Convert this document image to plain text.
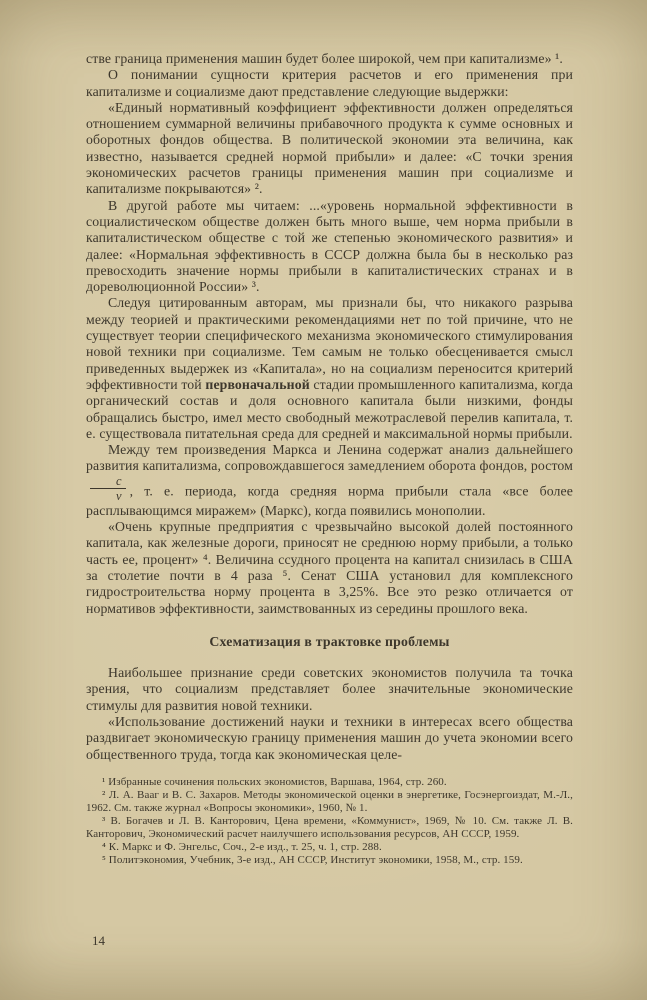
стве граница применения машин будет более широкой, чем при капитализме» ¹.

О понимании сущности критерия расчетов и его применения при капитализме и социализме дают представление следующие выдержки:

«Единый нормативный коэффициент эффективности должен определяться отношением суммарной величины прибавочного продукта к сумме основных и оборотных фондов общества. В политической экономии эта величина, как известно, называется средней нормой прибыли» и далее: «С точки зрения экономических расчетов границы применения машин при социализме и капитализме покрываются» ².

В другой работе мы читаем: ...«уровень нормальной эффективности в социалистическом обществе должен быть много выше, чем норма прибыли в капиталистическом обществе с той же степенью экономического развития» и далее: «Нормальная эффективность в СССР должна была бы в несколько раз превосходить значение нормы прибыли в капиталистических странах и в дореволюционной России» ³.

Следуя цитированным авторам, мы признали бы, что никакого разрыва между теорией и практическими рекомендациями нет по той причине, что не существует теории специфического механизма экономического стимулирования новой техники при социализме. Тем самым не только обесценивается смысл приведенных выдержек из «Капитала», но на социализм переносится критерий эффективности той первоначальной стадии промышленного капитализма, когда органический состав и доля основного капитала были низкими, фонды обращались быстро, имел место свободный межотраслевой перелив капитала, т. е. существовала питательная среда для средней и максимальной нормы прибыли.

Между тем произведения Маркса и Ленина содержат анализ дальнейшего развития капитализма, сопровождавшегося замедлением оборота фондов, ростом
$\frac{c}{v}$ , т. е. периода, когда средняя норма прибыли стала «все более расплывающимся миражем» (Маркс), когда появились монополии.

«Очень крупные предприятия с чрезвычайно высокой долей постоянного капитала, как железные дороги, приносят не среднюю норму прибыли, а только часть ее, процент» ⁴. Величина ссудного процента на капитал снизилась в США за столетие почти в 4 раза ⁵. Сенат США установил для комплексного гидростроительства норму процента в 3,25%. Все это резко отличается от нормативов эффективности, заимствованных из середины прошлого века.

Схематизация в трактовке проблемы

Наибольшее признание среди советских экономистов получила та точка зрения, что социализм представляет более значительные экономические стимулы для развития новой техники.

«Использование достижений науки и техники в интересах всего общества раздвигает экономическую границу применения машин до учета экономии всего общественного труда, тогда как экономическая целе-

¹ Избранные сочинения польских экономистов, Варшава, 1964, стр. 260.

² Л. А. Вааг и В. С. Захаров. Методы экономической оценки в энергетике, Госэнергоиздат, М.-Л., 1962. См. также журнал «Вопросы экономики», 1960, № 1.

³ В. Богачев и Л. В. Канторович, Цена времени, «Коммунист», 1969, № 10. См. также Л. В. Канторович, Экономический расчет наилучшего использования ресурсов, АН СССР, 1959.

⁴ К. Маркс и Ф. Энгельс, Соч., 2-е изд., т. 25, ч. 1, стр. 288.

⁵ Политэкономия, Учебник, 3-е изд., АН СССР, Институт экономики, 1958, М., стр. 159.

14
